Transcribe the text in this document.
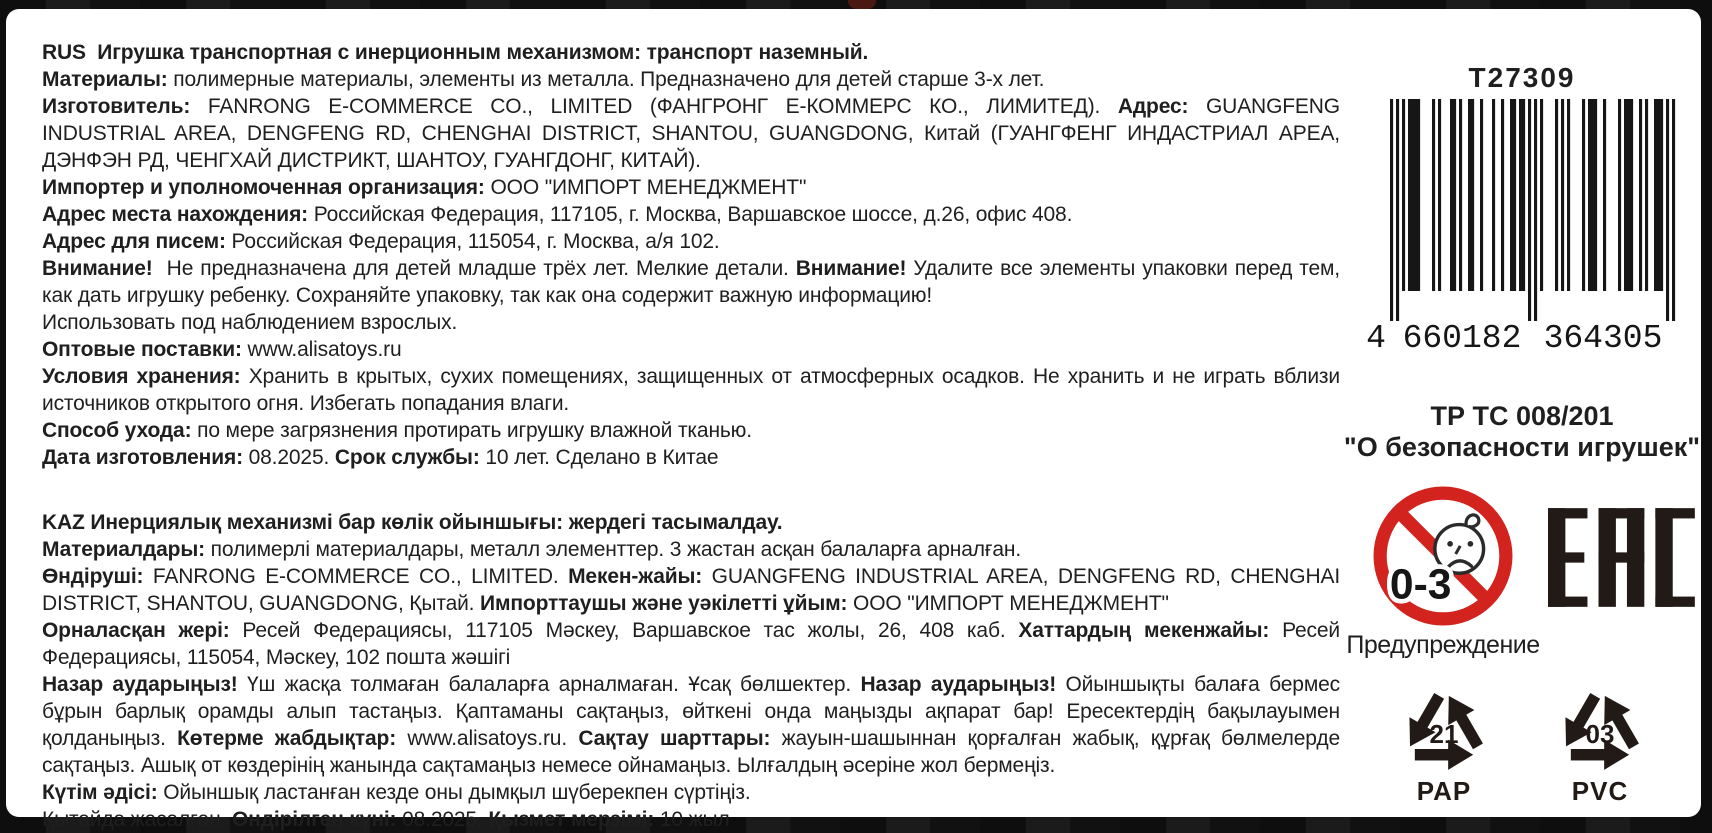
RUS  Игрушка транспортная с инерционным механизмом: транспорт наземный.

Материалы: полимерные материалы, элементы из металла. Предназначено для детей старше 3-х лет.

Изготовитель: FANRONG E-COMMERCE CO., LIMITED (ФАНГРОНГ Е-КОММЕРС КО., ЛИМИТЕД). Адрес: GUANGFENG INDUSTRIAL AREA, DENGFENG RD, CHENGHAI DISTRICT, SHANTOU, GUANGDONG, Китай (ГУАНГФЕНГ ИНДАСТРИАЛ АРЕА, ДЭНФЭН РД, ЧЕНГХАЙ ДИСТРИКТ, ШАНТОУ, ГУАНГДОНГ, КИТАЙ).

Импортер и уполномоченная организация: ООО "ИМПОРТ МЕНЕДЖМЕНТ"

Адрес места нахождения: Российская Федерация, 117105, г. Москва, Варшавское шоссе, д.26, офис 408.

Адрес для писем: Российская Федерация, 115054, г. Москва, а/я 102.

Внимание!  Не предназначена для детей младше трёх лет. Мелкие детали. Внимание! Удалите все элементы упаковки перед тем, как дать игрушку ребенку. Сохраняйте упаковку, так как она содержит важную информацию!

Использовать под наблюдением взрослых.

Оптовые поставки: www.alisatoys.ru

Условия хранения: Хранить в крытых, сухих помещениях, защищенных от атмосферных осадков. Не хранить и не играть вблизи источников открытого огня. Избегать попадания влаги.

Способ ухода: по мере загрязнения протирать игрушку влажной тканью.

Дата изготовления: 08.2025. Срок службы: 10 лет. Сделано в Китае

KAZ Инерциялық механизмі бар көлік ойыншығы: жердегі тасымалдау.

Материалдары: полимерлі материалдары, металл элементтер. 3 жастан асқан балаларға арналған.

Өндіруші: FANRONG E-COMMERCE CO., LIMITED. Мекен-жайы: GUANGFENG INDUSTRIAL AREA, DENGFENG RD, CHENGHAI DISTRICT, SHANTOU, GUANGDONG, Қытай. Импорттаушы және уәкілетті ұйым: ООО "ИМПОРТ МЕНЕДЖМЕНТ"

Орналасқан жері: Ресей Федерациясы, 117105 Мәскеу, Варшавское тас жолы, 26, 408 каб. Хаттардың мекенжайы: Ресей Федерациясы, 115054, Мәскеу, 102 пошта жәшігі

Назар аударыңыз! Үш жасқа толмаған балаларға арналмаған. Ұсақ бөлшектер. Назар аударыңыз! Ойыншықты балаға бермес бұрын барлық орамды алып тастаңыз. Қаптаманы сақтаңыз, өйткені онда маңызды ақпарат бар! Ересектердің бақылауымен қолданыңыз. Көтерме жабдықтар: www.alisatoys.ru. Сақтау шарттары: жауын-шашыннан қорғалған жабық, құрғақ бөлмелерде сақтаңыз. Ашық от көздерінің жанында сақтамаңыз немесе ойнамаңыз. Ылғалдың әсеріне жол бермеңіз.

Күтім әдісі: Ойыншық ластанған кезде оны дымқыл шүберекпен сүртіңіз.

Қытайда жасалған. Өндірілген күні: 08.2025. Қызмет мерзімі: 10 жыл

T27309
4 660182 364305
ТР ТС 008/201
"О безопасности игрушек"
0-3
Предупреждение
21
PAP
03
PVC
